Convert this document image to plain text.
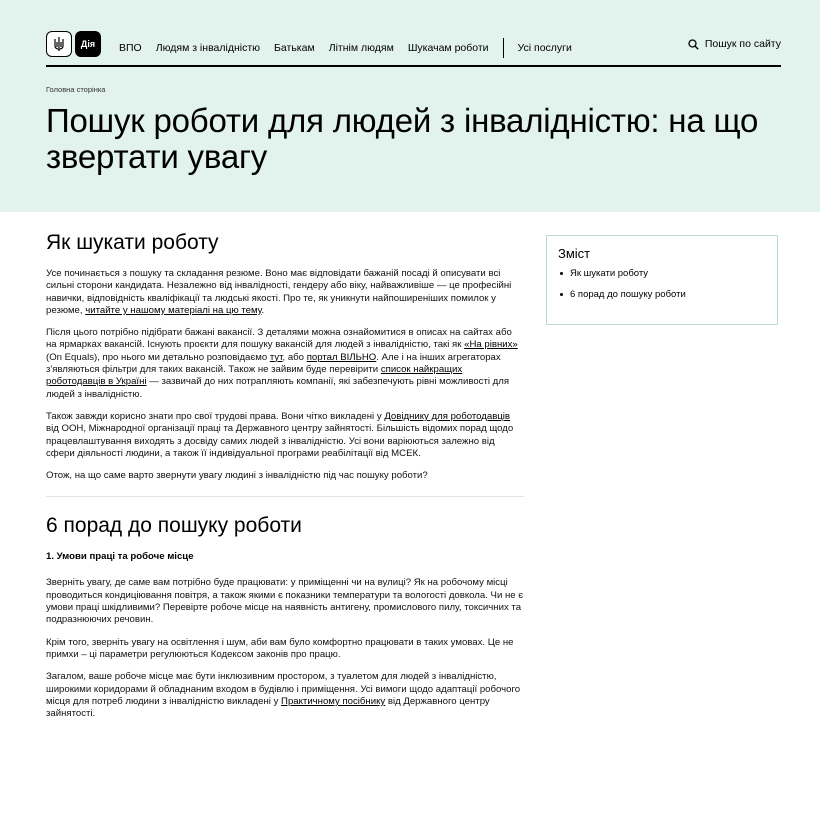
Дія	ВПО Людям з інвалідністю Батькам Літнім людям Шукачам роботи	Усі послуги	Пошук по сайту
Головна сторінка
Пошук роботи для людей з інвалідністю: на що звертати увагу
Як шукати роботу

Усе починається з пошуку та складання резюме. Воно має відповідати бажаній посаді й описувати всі сильні сторони кандидата. Незалежно від інвалідності, гендеру або віку, найважливіше — це професійні навички, відповідність кваліфікації та людські якості. Про те, як уникнути найпоширеніших помилок у резюме, читайте у нашому матеріалі на цю тему.

Після цього потрібно підібрати бажані вакансії. З деталями можна ознайомитися в описах на сайтах або на ярмарках вакансій. Існують проєкти для пошуку вакансій для людей з інвалідністю, такі як «На рівних» (On Equals), про нього ми детально розповідаємо тут, або портал ВІЛЬНО. Але і на інших агрегаторах з'являються фільтри для таких вакансій. Також не зайвим буде перевірити список найкращих роботодавців в Україні — зазвичай до них потрапляють компанії, які забезпечують рівні можливості для людей з інвалідністю.

Також завжди корисно знати про свої трудові права. Вони чітко викладені у Довіднику для роботодавців від ООН, Міжнародної організації праці та Державного центру зайнятості. Більшість відомих порад щодо працевлаштування виходять з досвіду самих людей з інвалідністю. Усі вони варіюються залежно від сфери діяльності людини, а також її індивідуальної програми реабілітації від МСЕК.

Отож, на що саме варто звернути увагу людині з інвалідністю під час пошуку роботи?

6 порад до пошуку роботи
1. Умови праці та робоче місце

Зверніть увагу, де саме вам потрібно буде працювати: у приміщенні чи на вулиці? Як на робочому місці проводиться кондиціювання повітря, а також якими є показники температури та вологості довкола. Чи не є умови праці шкідливими? Перевірте робоче місце на наявність антигену, промислового пилу, токсичних та подразнюючих речовин.

Крім того, зверніть увагу на освітлення і шум, аби вам було комфортно працювати в таких умовах. Це не примхи – ці параметри регулюються Кодексом законів про працю.

Загалом, ваше робоче місце має бути інклюзивним простором, з туалетом для людей з інвалідністю, широкими коридорами й обладнаним входом в будівлю і приміщення. Усі вимоги щодо адаптації робочого місця для потреб людини з інвалідністю викладені у Практичному посібнику від Державного центру зайнятості.

Зміст
Як шукати роботу
6 порад до пошуку роботи
